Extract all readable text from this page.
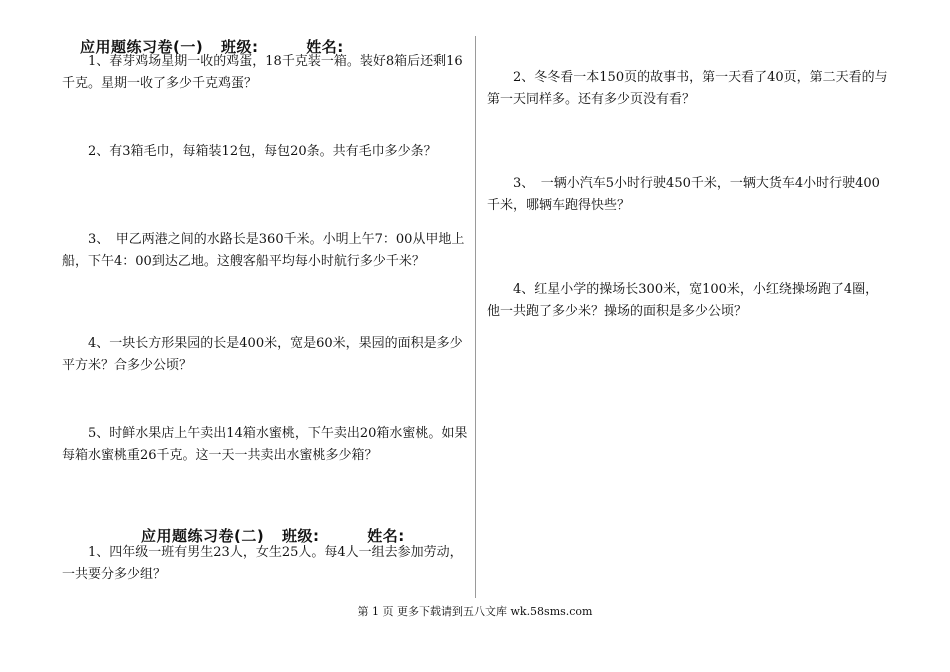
应用题练习卷(一) 班级:	姓名:
1、春芽鸡场星期一收的鸡蛋，18千克装一箱。装好8箱后还剩16千克。星期一收了多少千克鸡蛋？
2、有3箱毛巾，每箱装12包，每包20条。共有毛巾多少条？
3、　甲乙两港之间的水路长是360千米。小明上午7：00从甲地上船，下午4：00到达乙地。这艘客船平均每小时航行多少千米？
4、一块长方形果园的长是400米，宽是60米，果园的面积是多少平方米？合多少公顷？
5、时鲜水果店上午卖出14箱水蜜桃，下午卖出20箱水蜜桃。如果每箱水蜜桃重26千克。这一天一共卖出水蜜桃多少箱？
2、冬冬看一本150页的故事书，第一天看了40页，第二天看的与第一天同样多。还有多少页没有看？
3、　一辆小汽车5小时行驶450千米，一辆大货车4小时行驶400千米，哪辆车跑得快些？
4、红星小学的操场长300米，宽100米，小红绕操场跑了4圈，他一共跑了多少米？操场的面积是多少公顷？
应用题练习卷(二) 班级:	姓名:
1、四年级一班有男生23人，女生25人。每4人一组去参加劳动，一共要分多少组？
第 1 页 更多下载请到五八文库 wk.58sms.com
